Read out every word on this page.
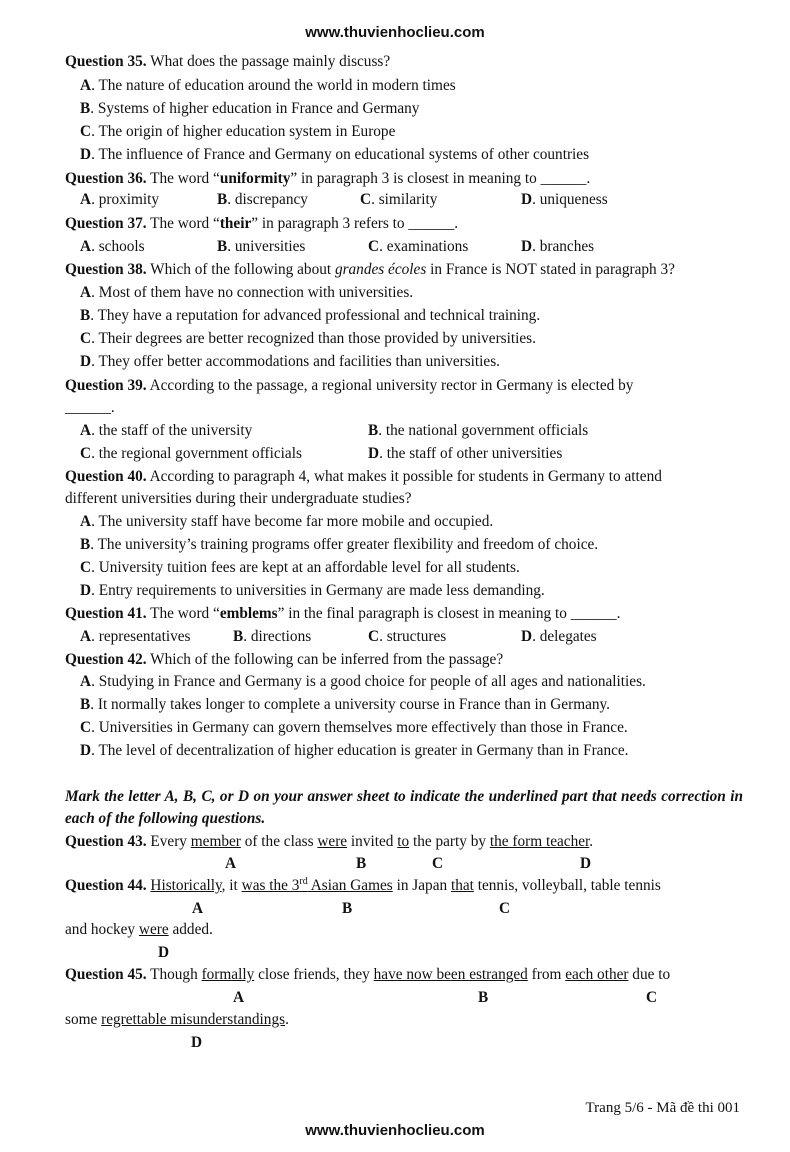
www.thuvienhoclieu.com
Question 35. What does the passage mainly discuss?
A. The nature of education around the world in modern times
B. Systems of higher education in France and Germany
C. The origin of higher education system in Europe
D. The influence of France and Germany on educational systems of other countries
Question 36. The word “uniformity” in paragraph 3 is closest in meaning to ______.
A. proximity	B. discrepancy	C. similarity	D. uniqueness
Question 37. The word “their” in paragraph 3 refers to ______.
A. schools	B. universities	C. examinations	D. branches
Question 38. Which of the following about grandes écoles in France is NOT stated in paragraph 3?
A. Most of them have no connection with universities.
B. They have a reputation for advanced professional and technical training.
C. Their degrees are better recognized than those provided by universities.
D. They offer better accommodations and facilities than universities.
Question 39. According to the passage, a regional university rector in Germany is elected by
______.
A. the staff of the university	B. the national government officials
C. the regional government officials	D. the staff of other universities
Question 40. According to paragraph 4, what makes it possible for students in Germany to attend
different universities during their undergraduate studies?
A. The university staff have become far more mobile and occupied.
B. The university’s training programs offer greater flexibility and freedom of choice.
C. University tuition fees are kept at an affordable level for all students.
D. Entry requirements to universities in Germany are made less demanding.
Question 41. The word “emblems” in the final paragraph is closest in meaning to ______.
A. representatives	B. directions	C. structures	D. delegates
Question 42. Which of the following can be inferred from the passage?
A. Studying in France and Germany is a good choice for people of all ages and nationalities.
B. It normally takes longer to complete a university course in France than in Germany.
C. Universities in Germany can govern themselves more effectively than those in France.
D. The level of decentralization of higher education is greater in Germany than in France.
Mark the letter A, B, C, or D on your answer sheet to indicate the underlined part that needs correction in each of the following questions.
Question 43. Every member of the class were invited to the party by the form teacher.
A	B	C	D
Question 44. Historically, it was the 3rd Asian Games in Japan that tennis, volleyball, table tennis
A	B	C
and hockey were added.
D
Question 45. Though formally close friends, they have now been estranged from each other due to
A	B	C
some regrettable misunderstandings.
D
Trang 5/6 - Mã đề thi 001
www.thuvienhoclieu.com
